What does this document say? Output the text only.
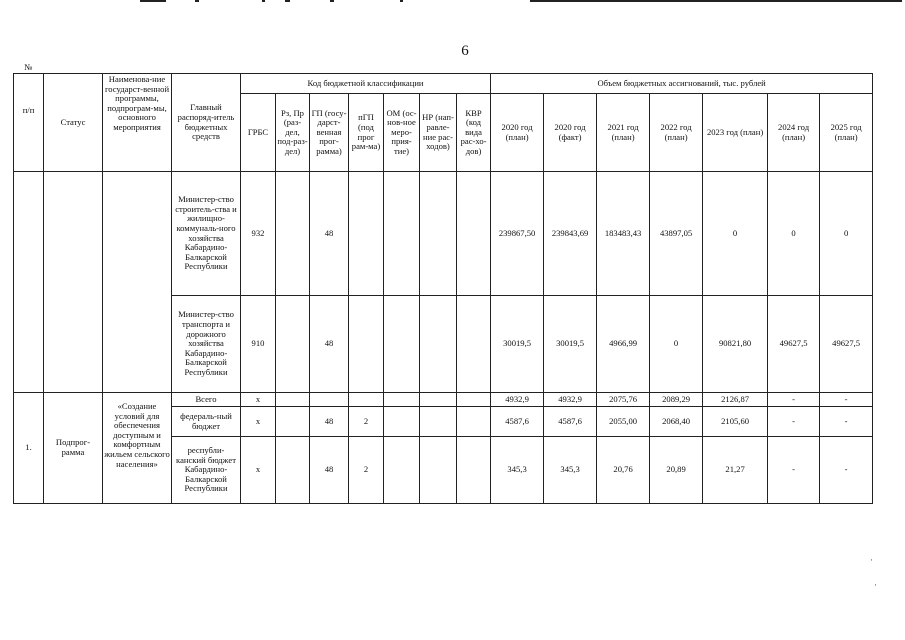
6
№
п/п	Статус	Наименова-ние государст-венной программы, подпрограм-мы, основного мероприятия	Главный распоряд-итель бюджетных средств	Код бюджетной классификации							Объем бюджетных ассигнований, тыс. рублей						
				ГРБС	Рз, Пр (раз-дел, под-раз-дел)	ГП (госу-дарст-венная прог-рамма)	пГП (под прог рам-ма)	ОМ (ос-нов-ное меро-прия-тие)	НР (нап-равле-ние рас-ходов)	КВР (код вида рас-хо-дов)	2020 год (план)	2020 год (факт)	2021 год (план)	2022 год (план)	2023 год (план)	2024 год (план)	2025 год (план)
			Министер-ство строитель-ства и жилищно-коммуналь-ного хозяйства Кабардино-Балкарской Республики	932		48					239867,50	239843,69	183483,43	43897,05	0	0	0
			Министер-ство транспорта и дорожного хозяйства Кабардино-Балкарской Республики	910		48					30019,5	30019,5	4966,99	0	90821,80	49627,5	49627,5
1.	Подпрог-рамма	«Создание условий для обеспечения доступным и комфортным жильем сельского населения»	Всего	х							4932,9	4932,9	2075,76	2089,29	2126,87	-	-
			федераль-ный бюджет	х		48	2				4587,6	4587,6	2055,00	2068,40	2105,60	-	-
			республи-канский бюджет Кабардино-Балкарской Республики	х		48	2				345,3	345,3	20,76	20,89	21,27	-	-
·
·
